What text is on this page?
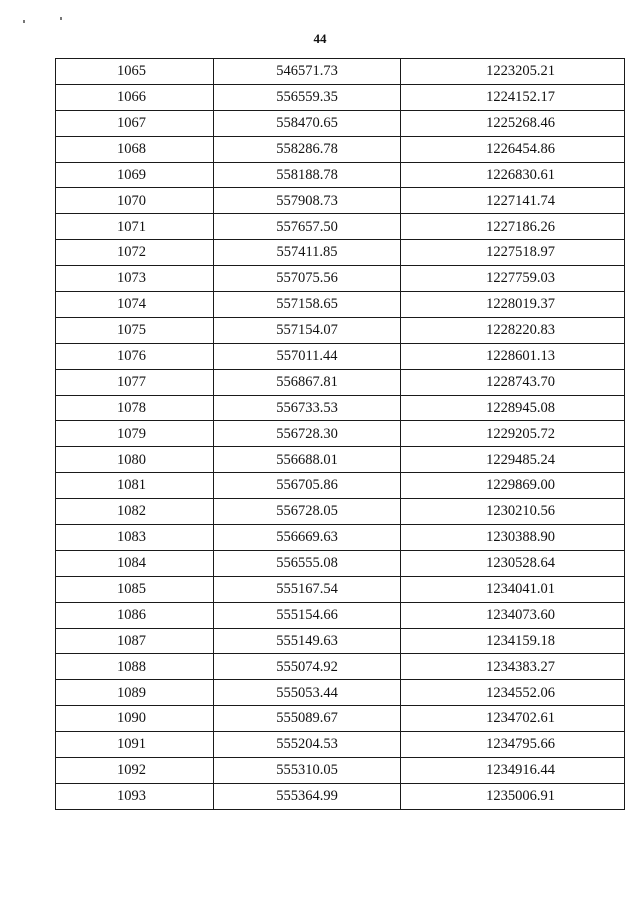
44
1065	546571.73	1223205.21
1066	556559.35	1224152.17
1067	558470.65	1225268.46
1068	558286.78	1226454.86
1069	558188.78	1226830.61
1070	557908.73	1227141.74
1071	557657.50	1227186.26
1072	557411.85	1227518.97
1073	557075.56	1227759.03
1074	557158.65	1228019.37
1075	557154.07	1228220.83
1076	557011.44	1228601.13
1077	556867.81	1228743.70
1078	556733.53	1228945.08
1079	556728.30	1229205.72
1080	556688.01	1229485.24
1081	556705.86	1229869.00
1082	556728.05	1230210.56
1083	556669.63	1230388.90
1084	556555.08	1230528.64
1085	555167.54	1234041.01
1086	555154.66	1234073.60
1087	555149.63	1234159.18
1088	555074.92	1234383.27
1089	555053.44	1234552.06
1090	555089.67	1234702.61
1091	555204.53	1234795.66
1092	555310.05	1234916.44
1093	555364.99	1235006.91
